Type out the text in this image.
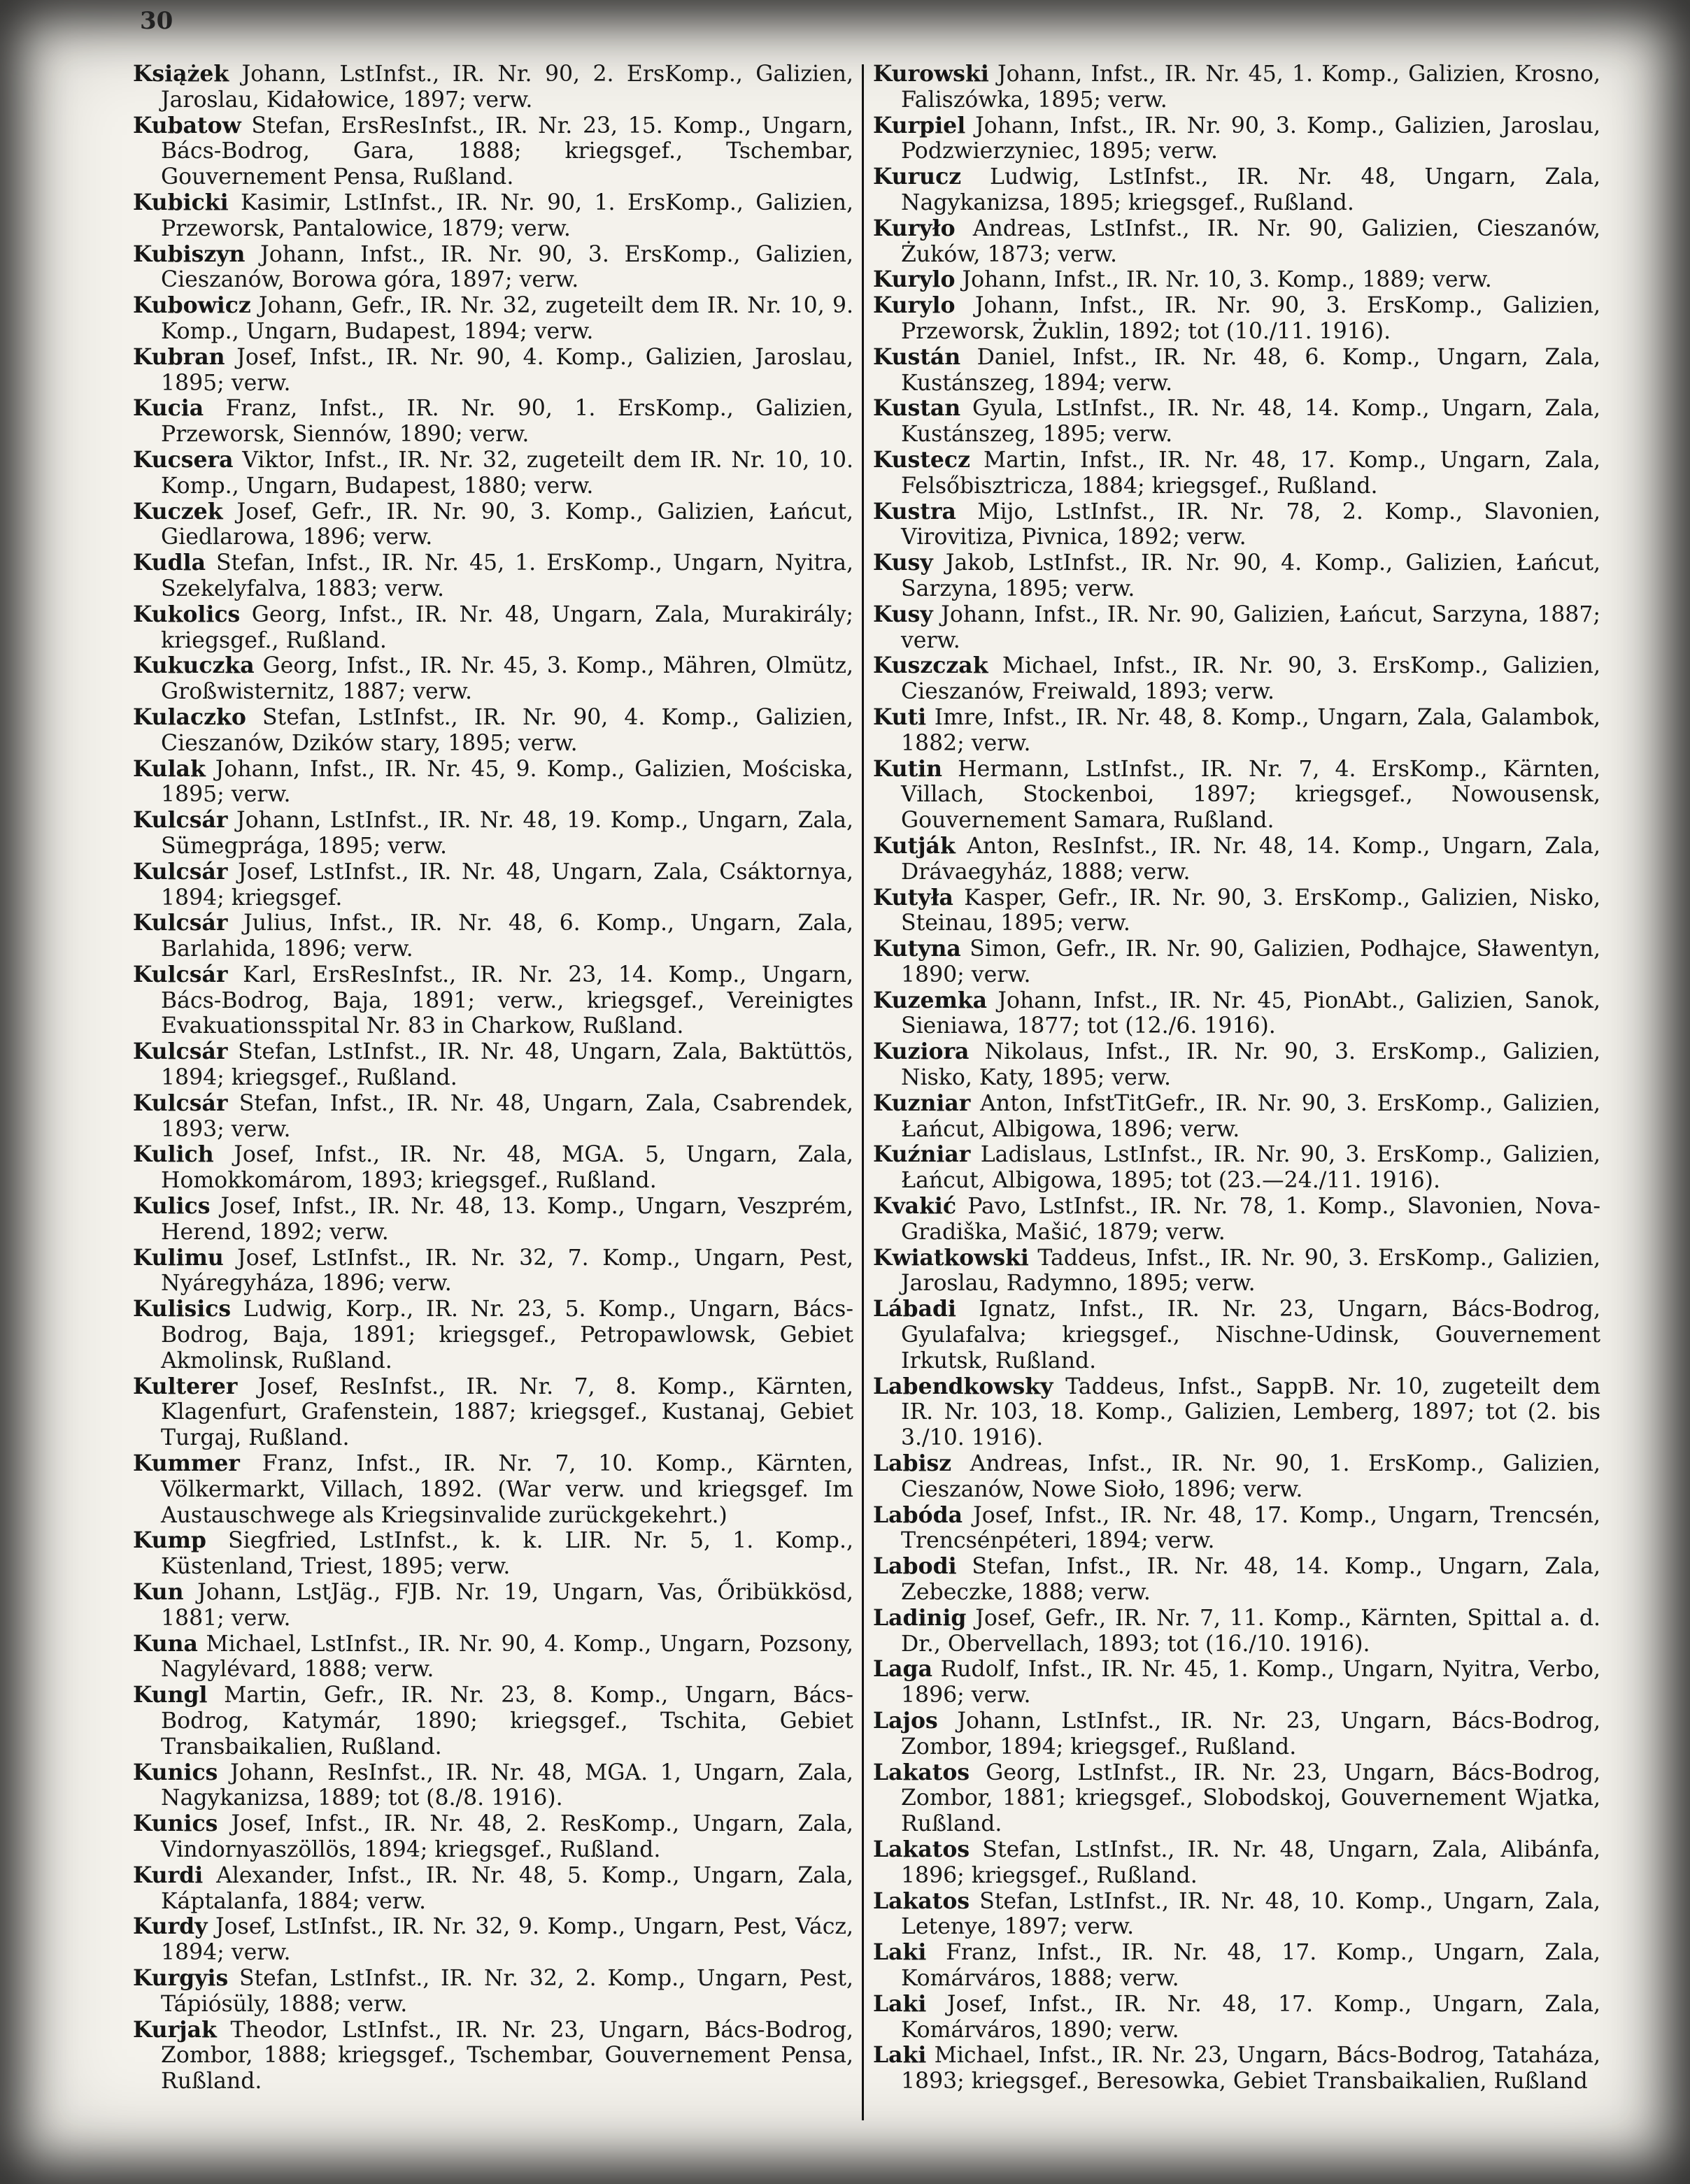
30

Książek Johann, LstInfst., IR. Nr. 90, 2. ErsKomp., Galizien, Jaroslau, Kidałowice, 1897; verw.

Kubatow Stefan, ErsResInfst., IR. Nr. 23, 15. Komp., Ungarn, Bács-Bodrog, Gara, 1888; kriegsgef., Tschembar, Gouvernement Pensa, Rußland.

Kubicki Kasimir, LstInfst., IR. Nr. 90, 1. ErsKomp., Galizien, Przeworsk, Pantalowice, 1879; verw.

Kubiszyn Johann, Infst., IR. Nr. 90, 3. ErsKomp., Galizien, Cieszanów, Borowa góra, 1897; verw.

Kubowicz Johann, Gefr., IR. Nr. 32, zugeteilt dem IR. Nr. 10, 9. Komp., Ungarn, Budapest, 1894; verw.

Kubran Josef, Infst., IR. Nr. 90, 4. Komp., Galizien, Jaroslau, 1895; verw.

Kucia Franz, Infst., IR. Nr. 90, 1. ErsKomp., Galizien, Przeworsk, Siennów, 1890; verw.

Kucsera Viktor, Infst., IR. Nr. 32, zugeteilt dem IR. Nr. 10, 10. Komp., Ungarn, Budapest, 1880; verw.

Kuczek Josef, Gefr., IR. Nr. 90, 3. Komp., Galizien, Łańcut, Giedlarowa, 1896; verw.

Kudla Stefan, Infst., IR. Nr. 45, 1. ErsKomp., Ungarn, Nyitra, Szekelyfalva, 1883; verw.

Kukolics Georg, Infst., IR. Nr. 48, Ungarn, Zala, Murakirály; kriegsgef., Rußland.

Kukuczka Georg, Infst., IR. Nr. 45, 3. Komp., Mähren, Olmütz, Großwisternitz, 1887; verw.

Kulaczko Stefan, LstInfst., IR. Nr. 90, 4. Komp., Galizien, Cieszanów, Dzików stary, 1895; verw.

Kulak Johann, Infst., IR. Nr. 45, 9. Komp., Galizien, Mościska, 1895; verw.

Kulcsár Johann, LstInfst., IR. Nr. 48, 19. Komp., Ungarn, Zala, Sümegprága, 1895; verw.

Kulcsár Josef, LstInfst., IR. Nr. 48, Ungarn, Zala, Csáktornya, 1894; kriegsgef.

Kulcsár Julius, Infst., IR. Nr. 48, 6. Komp., Ungarn, Zala, Barlahida, 1896; verw.

Kulcsár Karl, ErsResInfst., IR. Nr. 23, 14. Komp., Ungarn, Bács-Bodrog, Baja, 1891; verw., kriegsgef., Vereinigtes Evakuationsspital Nr. 83 in Charkow, Rußland.

Kulcsár Stefan, LstInfst., IR. Nr. 48, Ungarn, Zala, Baktüttös, 1894; kriegsgef., Rußland.

Kulcsár Stefan, Infst., IR. Nr. 48, Ungarn, Zala, Csabrendek, 1893; verw.

Kulich Josef, Infst., IR. Nr. 48, MGA. 5, Ungarn, Zala, Homokkomárom, 1893; kriegsgef., Rußland.

Kulics Josef, Infst., IR. Nr. 48, 13. Komp., Ungarn, Veszprém, Herend, 1892; verw.

Kulimu Josef, LstInfst., IR. Nr. 32, 7. Komp., Ungarn, Pest, Nyáregyháza, 1896; verw.

Kulisics Ludwig, Korp., IR. Nr. 23, 5. Komp., Ungarn, Bács-Bodrog, Baja, 1891; kriegsgef., Petropawlowsk, Gebiet Akmolinsk, Rußland.

Kulterer Josef, ResInfst., IR. Nr. 7, 8. Komp., Kärnten, Klagenfurt, Grafenstein, 1887; kriegsgef., Kustanaj, Gebiet Turgaj, Rußland.

Kummer Franz, Infst., IR. Nr. 7, 10. Komp., Kärnten, Völkermarkt, Villach, 1892. (War verw. und kriegsgef. Im Austauschwege als Kriegsinvalide zurückgekehrt.)

Kump Siegfried, LstInfst., k. k. LIR. Nr. 5, 1. Komp., Küstenland, Triest, 1895; verw.

Kun Johann, LstJäg., FJB. Nr. 19, Ungarn, Vas, Őribükkösd, 1881; verw.

Kuna Michael, LstInfst., IR. Nr. 90, 4. Komp., Ungarn, Pozsony, Nagylévard, 1888; verw.

Kungl Martin, Gefr., IR. Nr. 23, 8. Komp., Ungarn, Bács-Bodrog, Katymár, 1890; kriegsgef., Tschita, Gebiet Transbaikalien, Rußland.

Kunics Johann, ResInfst., IR. Nr. 48, MGA. 1, Ungarn, Zala, Nagykanizsa, 1889; tot (8./8. 1916).

Kunics Josef, Infst., IR. Nr. 48, 2. ResKomp., Ungarn, Zala, Vindornyaszöllös, 1894; kriegsgef., Rußland.

Kurdi Alexander, Infst., IR. Nr. 48, 5. Komp., Ungarn, Zala, Káptalanfa, 1884; verw.

Kurdy Josef, LstInfst., IR. Nr. 32, 9. Komp., Ungarn, Pest, Vácz, 1894; verw.

Kurgyis Stefan, LstInfst., IR. Nr. 32, 2. Komp., Ungarn, Pest, Tápiósüly, 1888; verw.

Kurjak Theodor, LstInfst., IR. Nr. 23, Ungarn, Bács-Bodrog, Zombor, 1888; kriegsgef., Tschembar, Gouvernement Pensa, Rußland.

Kurowski Johann, Infst., IR. Nr. 45, 1. Komp., Galizien, Krosno, Faliszówka, 1895; verw.

Kurpiel Johann, Infst., IR. Nr. 90, 3. Komp., Galizien, Jaroslau, Podzwierzyniec, 1895; verw.

Kurucz Ludwig, LstInfst., IR. Nr. 48, Ungarn, Zala, Nagykanizsa, 1895; kriegsgef., Rußland.

Kuryło Andreas, LstInfst., IR. Nr. 90, Galizien, Cieszanów, Żuków, 1873; verw.

Kurylo Johann, Infst., IR. Nr. 10, 3. Komp., 1889; verw.

Kurylo Johann, Infst., IR. Nr. 90, 3. ErsKomp., Galizien, Przeworsk, Żuklin, 1892; tot (10./11. 1916).

Kustán Daniel, Infst., IR. Nr. 48, 6. Komp., Ungarn, Zala, Kustánszeg, 1894; verw.

Kustan Gyula, LstInfst., IR. Nr. 48, 14. Komp., Ungarn, Zala, Kustánszeg, 1895; verw.

Kustecz Martin, Infst., IR. Nr. 48, 17. Komp., Ungarn, Zala, Felsőbisztricza, 1884; kriegsgef., Rußland.

Kustra Mijo, LstInfst., IR. Nr. 78, 2. Komp., Slavonien, Virovitiza, Pivnica, 1892; verw.

Kusy Jakob, LstInfst., IR. Nr. 90, 4. Komp., Galizien, Łańcut, Sarzyna, 1895; verw.

Kusy Johann, Infst., IR. Nr. 90, Galizien, Łańcut, Sarzyna, 1887; verw.

Kuszczak Michael, Infst., IR. Nr. 90, 3. ErsKomp., Galizien, Cieszanów, Freiwald, 1893; verw.

Kuti Imre, Infst., IR. Nr. 48, 8. Komp., Ungarn, Zala, Galambok, 1882; verw.

Kutin Hermann, LstInfst., IR. Nr. 7, 4. ErsKomp., Kärnten, Villach, Stockenboi, 1897; kriegsgef., Nowousensk, Gouvernement Samara, Rußland.

Kutják Anton, ResInfst., IR. Nr. 48, 14. Komp., Ungarn, Zala, Drávaegyház, 1888; verw.

Kutyła Kasper, Gefr., IR. Nr. 90, 3. ErsKomp., Galizien, Nisko, Steinau, 1895; verw.

Kutyna Simon, Gefr., IR. Nr. 90, Galizien, Podhajce, Sławentyn, 1890; verw.

Kuzemka Johann, Infst., IR. Nr. 45, PionAbt., Galizien, Sanok, Sieniawa, 1877; tot (12./6. 1916).

Kuziora Nikolaus, Infst., IR. Nr. 90, 3. ErsKomp., Galizien, Nisko, Katy, 1895; verw.

Kuzniar Anton, InfstTitGefr., IR. Nr. 90, 3. ErsKomp., Galizien, Łańcut, Albigowa, 1896; verw.

Kuźniar Ladislaus, LstInfst., IR. Nr. 90, 3. ErsKomp., Galizien, Łańcut, Albigowa, 1895; tot (23.—24./11. 1916).

Kvakić Pavo, LstInfst., IR. Nr. 78, 1. Komp., Slavonien, Nova-Gradiška, Mašić, 1879; verw.

Kwiatkowski Taddeus, Infst., IR. Nr. 90, 3. ErsKomp., Galizien, Jaroslau, Radymno, 1895; verw.

Lábadi Ignatz, Infst., IR. Nr. 23, Ungarn, Bács-Bodrog, Gyulafalva; kriegsgef., Nischne-Udinsk, Gouvernement Irkutsk, Rußland.

Labendkowsky Taddeus, Infst., SappB. Nr. 10, zugeteilt dem IR. Nr. 103, 18. Komp., Galizien, Lemberg, 1897; tot (2. bis 3./10. 1916).

Labisz Andreas, Infst., IR. Nr. 90, 1. ErsKomp., Galizien, Cieszanów, Nowe Sioło, 1896; verw.

Labóda Josef, Infst., IR. Nr. 48, 17. Komp., Ungarn, Trencsén, Trencsénpéteri, 1894; verw.

Labodi Stefan, Infst., IR. Nr. 48, 14. Komp., Ungarn, Zala, Zebeczke, 1888; verw.

Ladinig Josef, Gefr., IR. Nr. 7, 11. Komp., Kärnten, Spittal a. d. Dr., Obervellach, 1893; tot (16./10. 1916).

Laga Rudolf, Infst., IR. Nr. 45, 1. Komp., Ungarn, Nyitra, Verbo, 1896; verw.

Lajos Johann, LstInfst., IR. Nr. 23, Ungarn, Bács-Bodrog, Zombor, 1894; kriegsgef., Rußland.

Lakatos Georg, LstInfst., IR. Nr. 23, Ungarn, Bács-Bodrog, Zombor, 1881; kriegsgef., Slobodskoj, Gouvernement Wjatka, Rußland.

Lakatos Stefan, LstInfst., IR. Nr. 48, Ungarn, Zala, Alibánfa, 1896; kriegsgef., Rußland.

Lakatos Stefan, LstInfst., IR. Nr. 48, 10. Komp., Ungarn, Zala, Letenye, 1897; verw.

Laki Franz, Infst., IR. Nr. 48, 17. Komp., Ungarn, Zala, Komárváros, 1888; verw.

Laki Josef, Infst., IR. Nr. 48, 17. Komp., Ungarn, Zala, Komárváros, 1890; verw.

Laki Michael, Infst., IR. Nr. 23, Ungarn, Bács-Bodrog, Tataháza, 1893; kriegsgef., Beresowka, Gebiet Transbaikalien, Rußland
